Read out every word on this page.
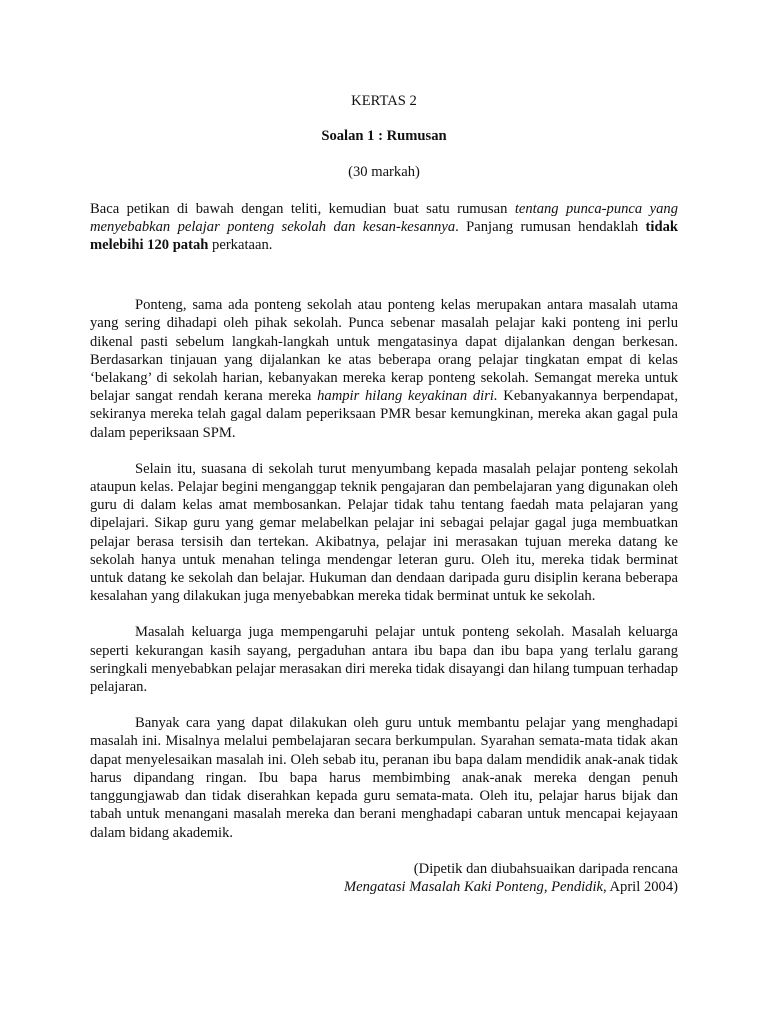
KERTAS 2

Soalan 1 : Rumusan

(30 markah)

Baca petikan di bawah dengan teliti, kemudian buat satu rumusan tentang punca-punca yang menyebabkan pelajar ponteng sekolah dan kesan-kesannya. Panjang rumusan hendaklah tidak melebihi 120 patah perkataan.

Ponteng, sama ada ponteng sekolah atau ponteng kelas merupakan antara masalah utama yang sering dihadapi oleh pihak sekolah. Punca sebenar masalah pelajar kaki ponteng ini perlu dikenal pasti sebelum langkah-langkah untuk mengatasinya dapat dijalankan dengan berkesan. Berdasarkan tinjauan yang dijalankan ke atas beberapa orang pelajar tingkatan empat di kelas ‘belakang’ di sekolah harian, kebanyakan mereka kerap ponteng sekolah. Semangat mereka untuk belajar sangat rendah kerana mereka hampir hilang keyakinan diri. Kebanyakannya berpendapat, sekiranya mereka telah gagal dalam peperiksaan PMR besar kemungkinan, mereka akan gagal pula dalam peperiksaan SPM.

Selain itu, suasana di sekolah turut menyumbang kepada masalah pelajar ponteng sekolah ataupun kelas. Pelajar begini menganggap teknik pengajaran dan pembelajaran yang digunakan oleh guru di dalam kelas amat membosankan. Pelajar tidak tahu tentang faedah mata pelajaran yang dipelajari. Sikap guru yang gemar melabelkan pelajar ini sebagai pelajar gagal juga membuatkan pelajar berasa tersisih dan tertekan. Akibatnya, pelajar ini merasakan tujuan mereka datang ke sekolah hanya untuk menahan telinga mendengar leteran guru. Oleh itu, mereka tidak berminat untuk datang ke sekolah dan belajar. Hukuman dan dendaan daripada guru disiplin kerana beberapa kesalahan yang dilakukan juga menyebabkan mereka tidak berminat untuk ke sekolah.

Masalah keluarga juga mempengaruhi pelajar untuk ponteng sekolah. Masalah keluarga seperti kekurangan kasih sayang, pergaduhan antara ibu bapa dan ibu bapa yang terlalu garang seringkali menyebabkan pelajar merasakan diri mereka tidak disayangi dan hilang tumpuan terhadap pelajaran.

Banyak cara yang dapat dilakukan oleh guru untuk membantu pelajar yang menghadapi masalah ini. Misalnya melalui pembelajaran secara berkumpulan. Syarahan semata-mata tidak akan dapat menyelesaikan masalah ini. Oleh sebab itu, peranan ibu bapa dalam mendidik anak-anak tidak harus dipandang ringan. Ibu bapa harus membimbing anak-anak mereka dengan penuh tanggungjawab dan tidak diserahkan kepada guru semata-mata. Oleh itu, pelajar harus bijak dan tabah untuk menangani masalah mereka dan berani menghadapi cabaran untuk mencapai kejayaan dalam bidang akademik.

(Dipetik dan diubahsuaikan daripada rencana

Mengatasi Masalah Kaki Ponteng, Pendidik, April 2004)
